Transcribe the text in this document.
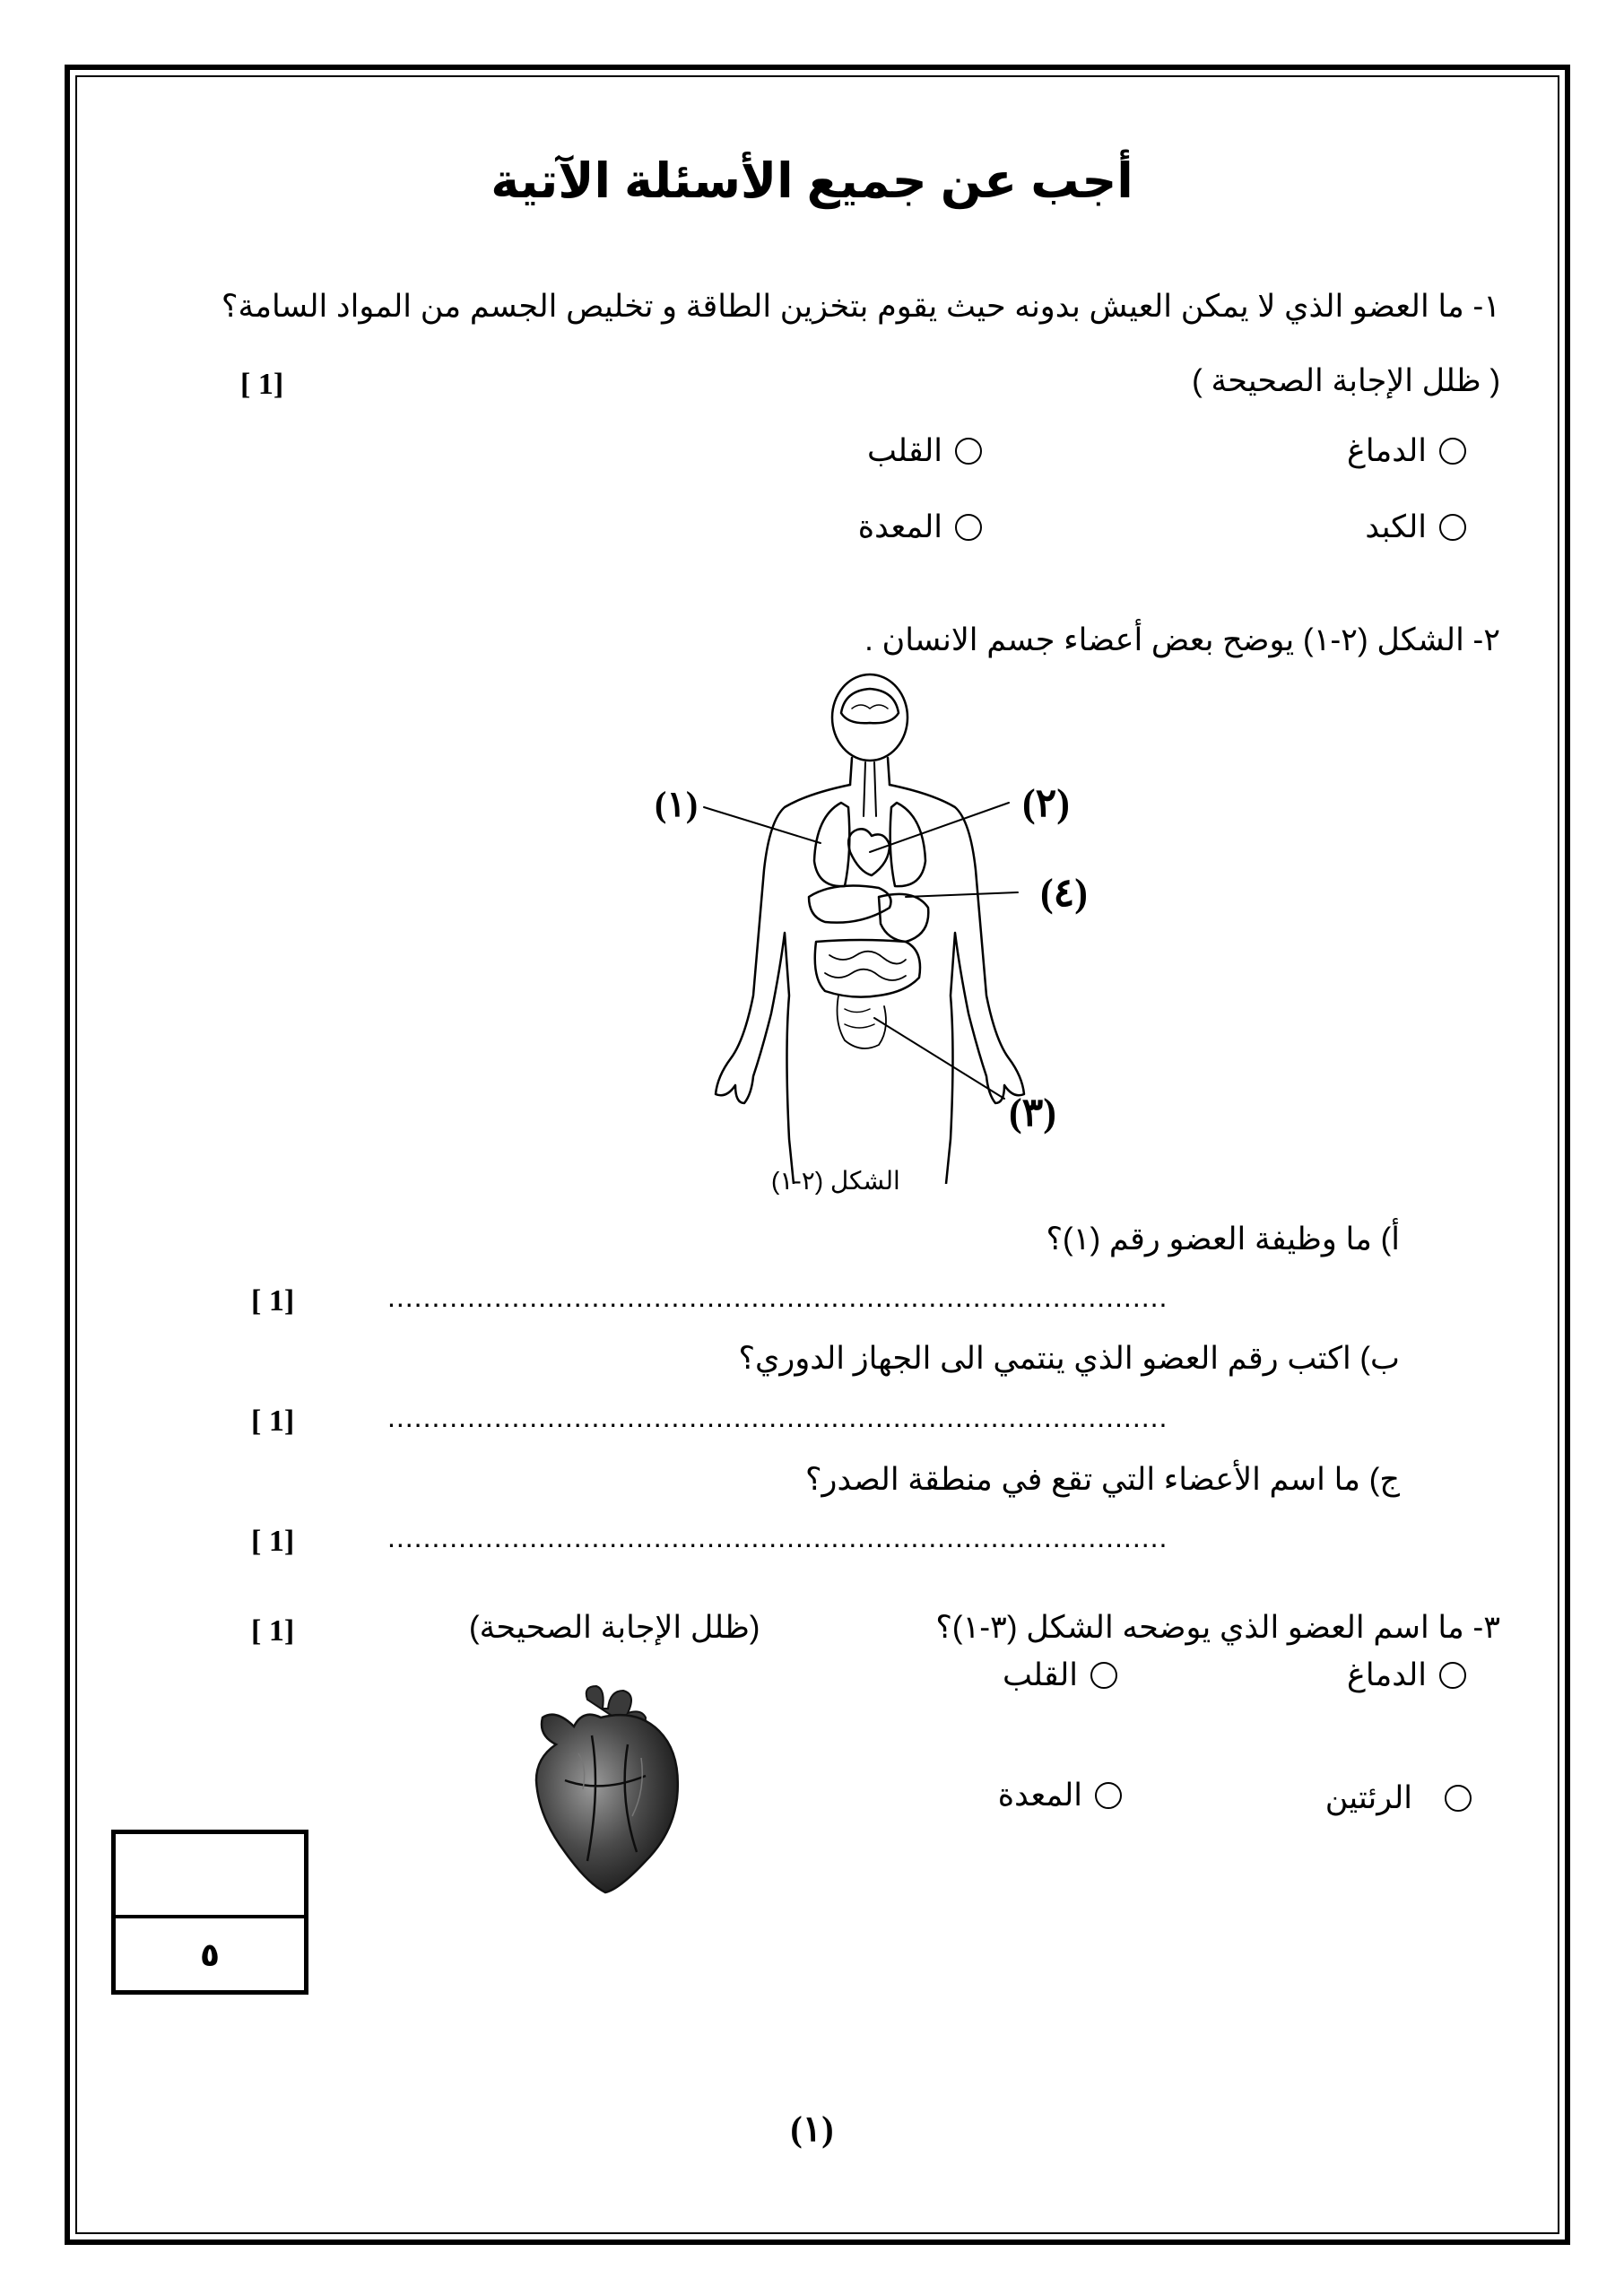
أجب عن جميع الأسئلة الآتية
١- ما العضو الذي لا يمكن العيش بدونه حيث يقوم بتخزين الطاقة و تخليص الجسم من المواد السامة؟
( ظلل الإجابة الصحيحة )
[ 1]
الدماغ
القلب
الكبد
المعدة
٢- الشكل (٢-١) يوضح بعض أعضاء جسم الانسان .
(١)	(٢)
(٤)
(٣)
الشكل (٢-١)
أ) ما وظيفة العضو رقم (١)؟
[ 1]	........................................................................................
ب) اكتب رقم العضو الذي ينتمي الى الجهاز الدوري؟
[ 1]	........................................................................................
ج) ما اسم الأعضاء التي تقع في منطقة الصدر؟
[ 1]	........................................................................................
٣- ما اسم العضو الذي يوضحه الشكل (٣-١)؟
(ظلل الإجابة الصحيحة)
[ 1]
الدماغ
القلب
الرئتين
المعدة
٥
(١)
